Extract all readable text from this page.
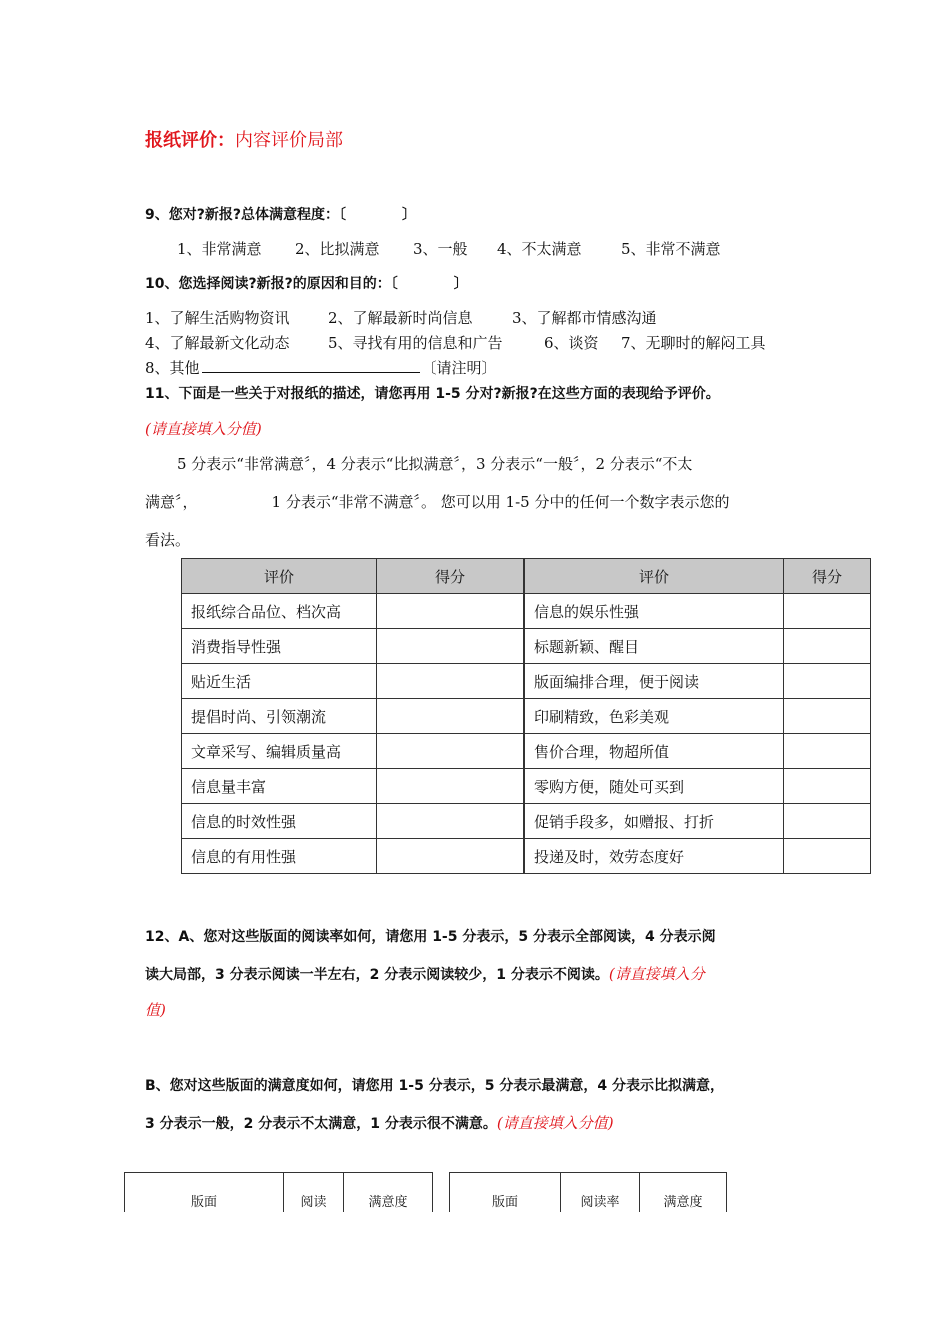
报纸评价：内容评价局部
9、您对?新报?总体满意程度：〔　　　　〕
1、非常满意 2、比拟满意 3、一般 4、不太满意	5、非常不满意
10、您选择阅读?新报?的原因和目的：〔　　　　〕
1、了解生活购物资讯	2、了解最新时尚信息	3、了解都市情感沟通
4、了解最新文化动态	5、寻找有用的信息和广告	6、谈资 7、无聊时的解闷工具
8、其他	〔请注明〕
11、下面是一些关于对报纸的描述，请您再用 1-5 分对?新报?在这些方面的表现给予评价。
(请直接填入分值)
5 分表示“非常满意〞，4 分表示“比拟满意〞，3 分表示“一般〞，2 分表示“不太
满意〞，	1 分表示“非常不满意〞。 您可以用 1-5 分中的任何一个数字表示您的
看法。
评价	得分	评价	得分
报纸综合品位、档次高		信息的娱乐性强	
消费指导性强		标题新颖、醒目	
贴近生活		版面编排合理，便于阅读	
提倡时尚、引领潮流		印刷精致，色彩美观	
文章采写、编辑质量高		售价合理，物超所值	
信息量丰富		零购方便，随处可买到	
信息的时效性强		促销手段多，如赠报、打折	
信息的有用性强		投递及时，效劳态度好	
12、A、您对这些版面的阅读率如何，请您用 1-5 分表示，5 分表示全部阅读，4 分表示阅
读大局部，3 分表示阅读一半左右，2 分表示阅读较少，1 分表示不阅读。(请直接填入分
值)
B、您对这些版面的满意度如何，请您用 1-5 分表示，5 分表示最满意，4 分表示比拟满意，
3 分表示一般，2 分表示不太满意，1 分表示很不满意。(请直接填入分值)
版面	阅读	满意度	版面	阅读率	满意度
